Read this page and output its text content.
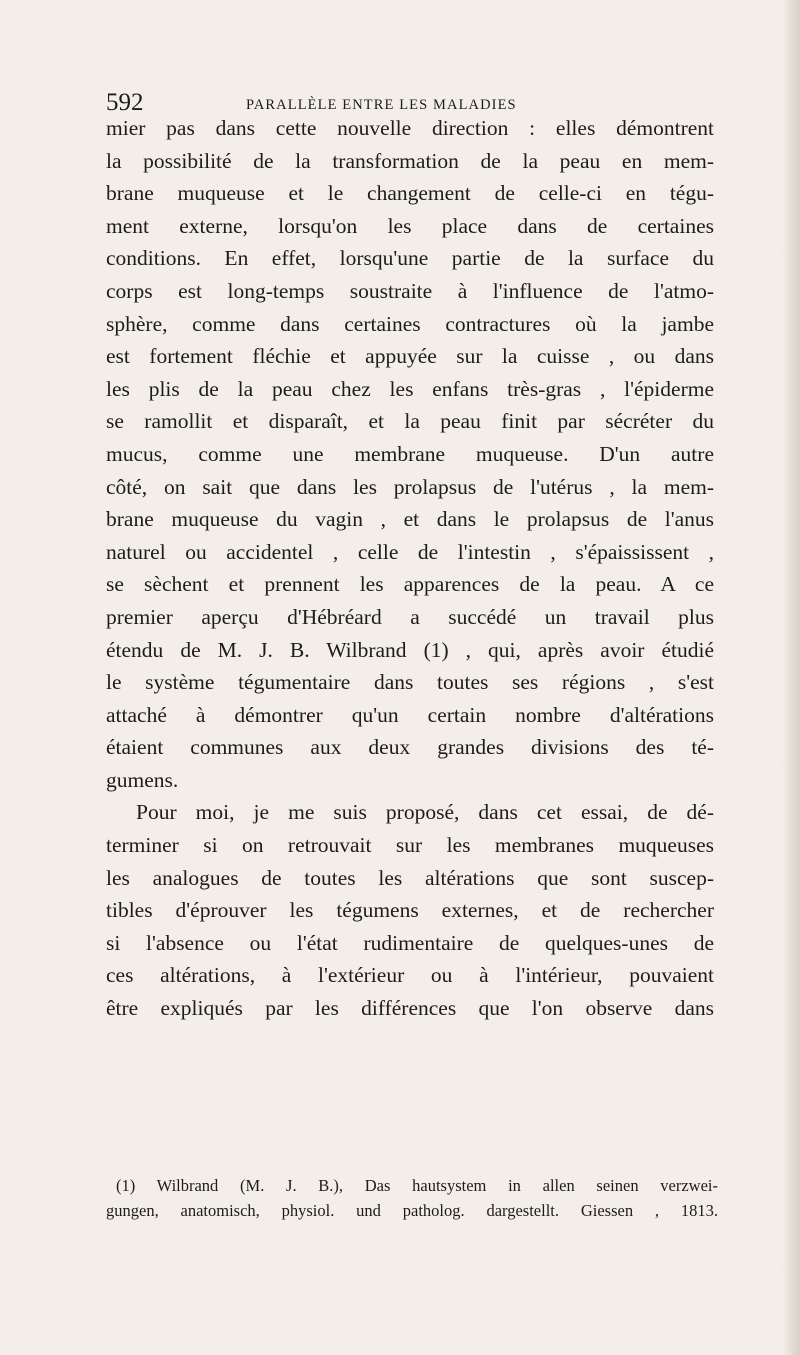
592	PARALLÈLE ENTRE LES MALADIES
mier pas dans cette nouvelle direction : elles démontrent
la possibilité de la transformation de la peau en mem-
brane muqueuse et le changement de celle-ci en tégu-
ment externe, lorsqu'on les place dans de certaines
conditions. En effet, lorsqu'une partie de la surface du
corps est long-temps soustraite à l'influence de l'atmo-
sphère, comme dans certaines contractures où la jambe
est fortement fléchie et appuyée sur la cuisse , ou dans
les plis de la peau chez les enfans très-gras , l'épiderme
se ramollit et disparaît, et la peau finit par sécréter du
mucus, comme une membrane muqueuse. D'un autre
côté, on sait que dans les prolapsus de l'utérus , la mem-
brane muqueuse du vagin , et dans le prolapsus de l'anus
naturel ou accidentel , celle de l'intestin , s'épaississent ,
se sèchent et prennent les apparences de la peau. A ce
premier aperçu d'Hébréard a succédé un travail plus
étendu de M. J. B. Wilbrand (1) , qui, après avoir étudié
le système tégumentaire dans toutes ses régions , s'est
attaché à démontrer qu'un certain nombre d'altérations
étaient communes aux deux grandes divisions des té-
gumens.
Pour moi, je me suis proposé, dans cet essai, de dé-
terminer si on retrouvait sur les membranes muqueuses
les analogues de toutes les altérations que sont suscep-
tibles d'éprouver les tégumens externes, et de rechercher
si l'absence ou l'état rudimentaire de quelques-unes de
ces altérations, à l'extérieur ou à l'intérieur, pouvaient
être expliqués par les différences que l'on observe dans
(1) Wilbrand (M. J. B.), Das hautsystem in allen seinen verzwei-
gungen, anatomisch, physiol. und patholog. dargestellt. Giessen , 1813.
